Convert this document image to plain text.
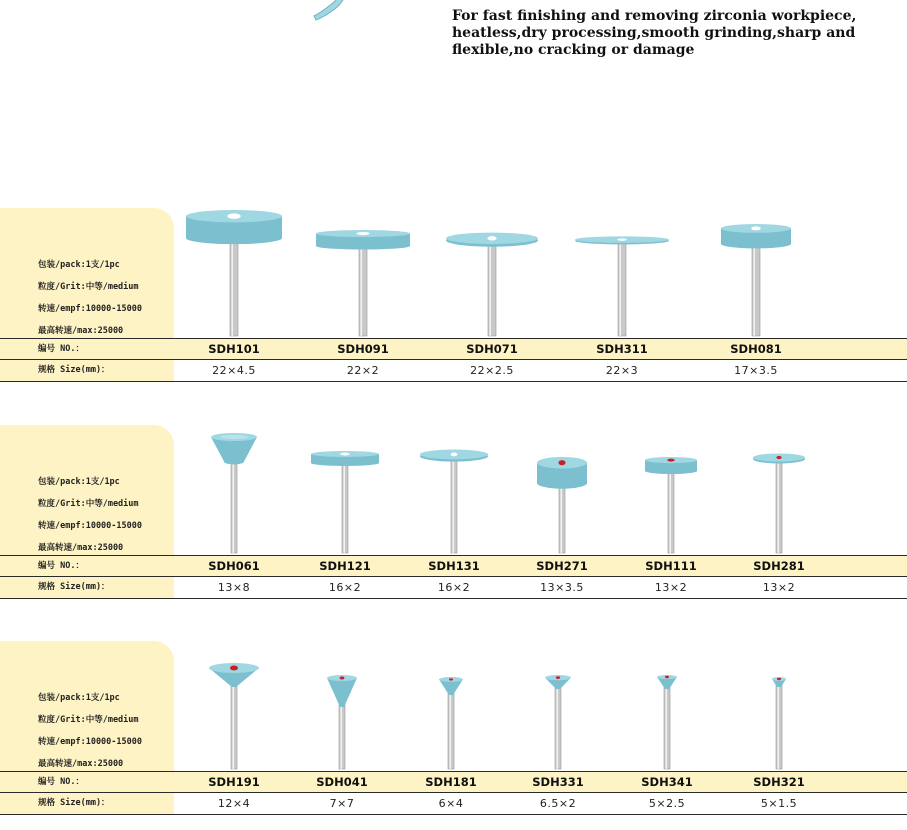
For fast finishing and removing zirconia workpiece, heatless,dry processing,smooth grinding,sharp and flexible,no cracking or damage

包装/pack:1支/1pc
粒度/Grit:中等/medium
转速/empf:10000-15000
最高转速/max:25000
编号 NO.：	SDH101	SDH091	SDH071	SDH311	SDH081
规格 Size(mm)：	22×4.5	22×2	22×2.5	22×3	17×3.5
包装/pack:1支/1pc
粒度/Grit:中等/medium
转速/empf:10000-15000
最高转速/max:25000
编号 NO.：	SDH061	SDH121	SDH131	SDH271	SDH111	SDH281
规格 Size(mm)：	13×8	16×2	16×2	13×3.5	13×2	13×2
包装/pack:1支/1pc
粒度/Grit:中等/medium
转速/empf:10000-15000
最高转速/max:25000
编号 NO.：	SDH191	SDH041	SDH181	SDH331	SDH341	SDH321
规格 Size(mm)：	12×4	7×7	6×4	6.5×2	5×2.5	5×1.5
